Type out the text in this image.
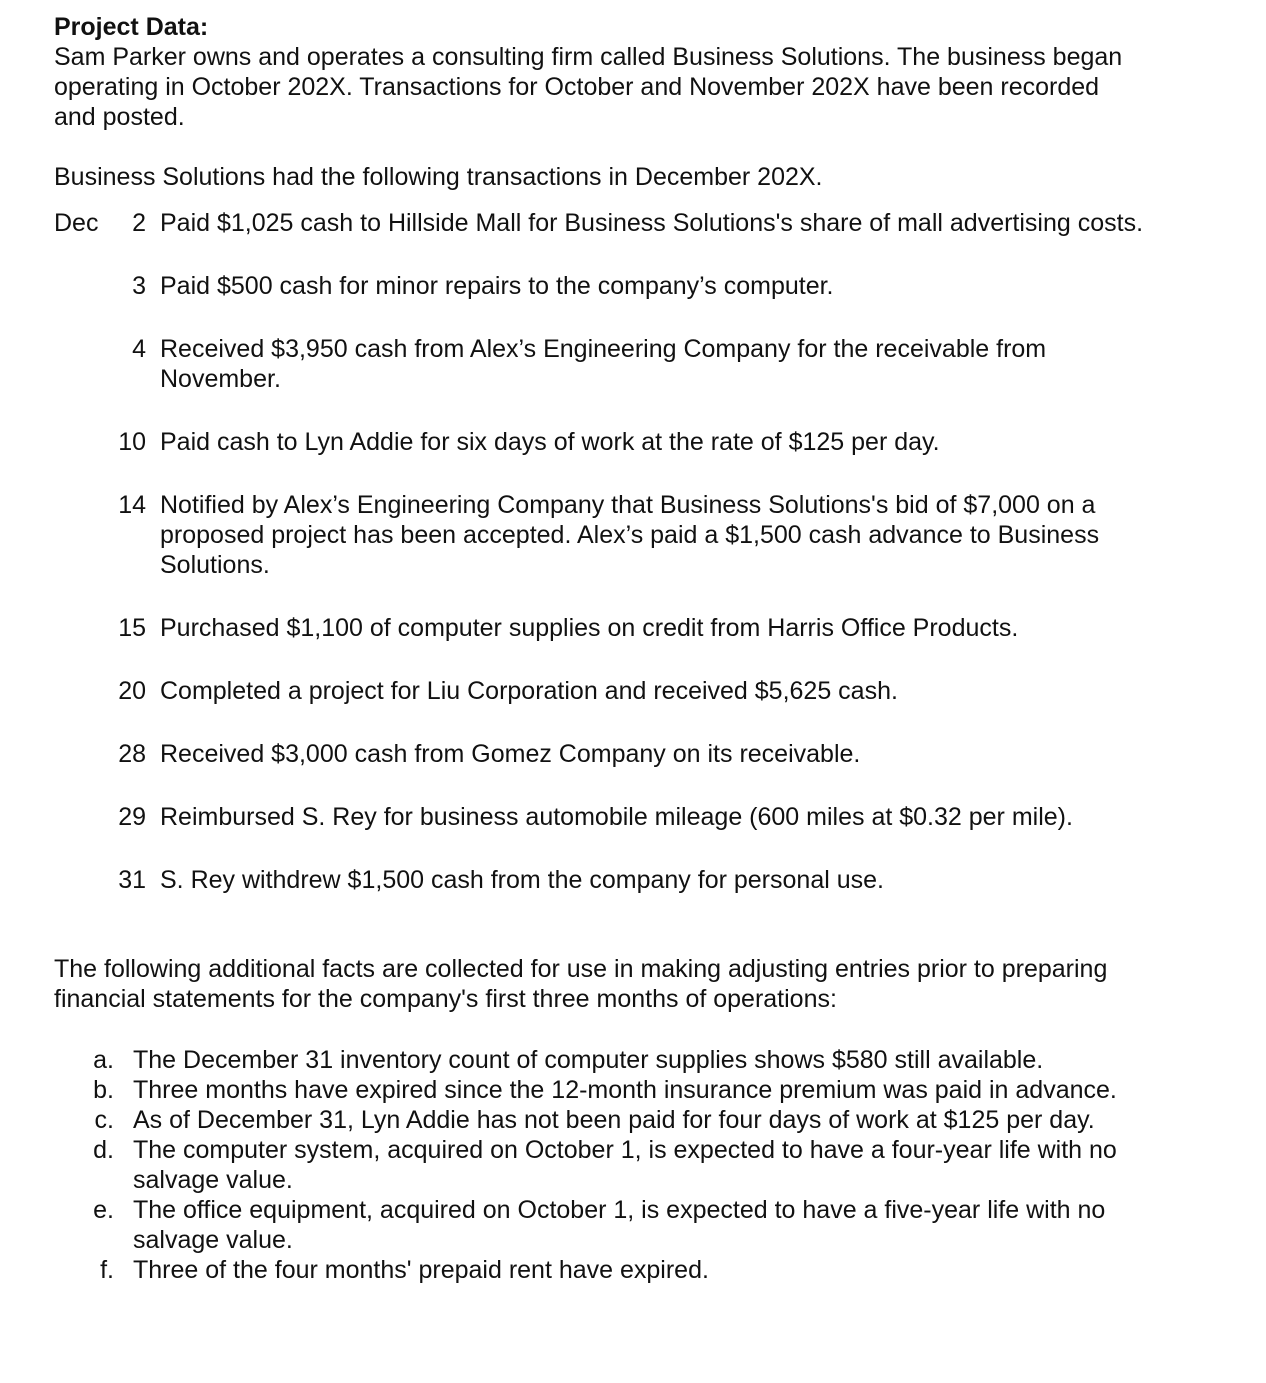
Project Data:

Sam Parker owns and operates a consulting firm called Business Solutions. The business began operating in October 202X. Transactions for October and November 202X have been recorded and posted.

Business Solutions had the following transactions in December 202X.

Dec	2 Paid $1,025 cash to Hillside Mall for Business Solutions's share of mall advertising costs.
3 Paid $500 cash for minor repairs to the company’s computer.
4 Received $3,950 cash from Alex’s Engineering Company for the receivable from November.
10 Paid cash to Lyn Addie for six days of work at the rate of $125 per day.
14 Notified by Alex’s Engineering Company that Business Solutions's bid of $7,000 on a proposed project has been accepted. Alex’s paid a $1,500 cash advance to Business Solutions.
15 Purchased $1,100 of computer supplies on credit from Harris Office Products.
20 Completed a project for Liu Corporation and received $5,625 cash.
28 Received $3,000 cash from Gomez Company on its receivable.
29 Reimbursed S. Rey for business automobile mileage (600 miles at $0.32 per mile).
31 S. Rey withdrew $1,500 cash from the company for personal use.

The following additional facts are collected for use in making adjusting entries prior to preparing financial statements for the company's first three months of operations:

a. The December 31 inventory count of computer supplies shows $580 still available.
b. Three months have expired since the 12-month insurance premium was paid in advance.
c. As of December 31, Lyn Addie has not been paid for four days of work at $125 per day.
d. The computer system, acquired on October 1, is expected to have a four-year life with no salvage value.
e. The office equipment, acquired on October 1, is expected to have a five-year life with no salvage value.
f. Three of the four months' prepaid rent have expired.
